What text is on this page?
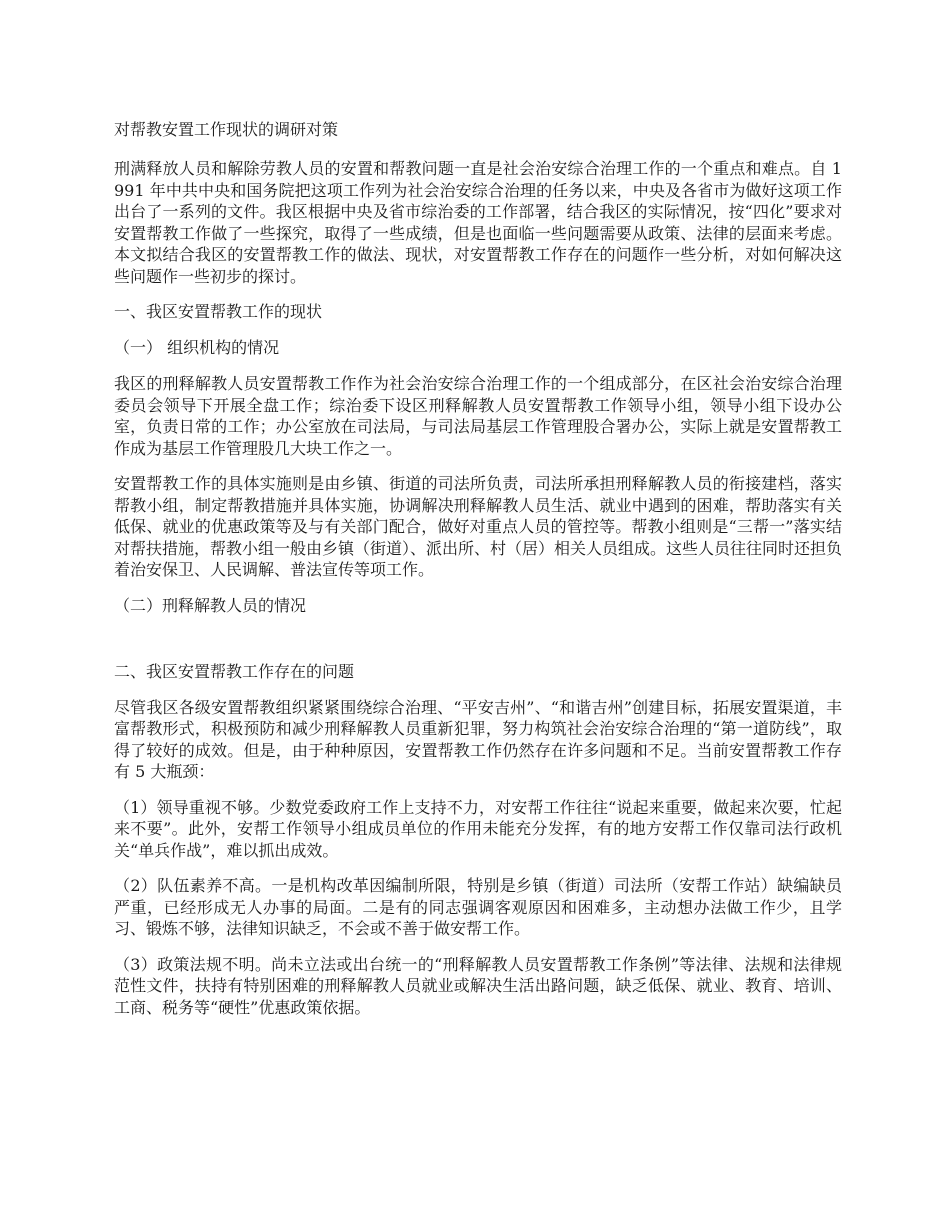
对帮教安置工作现状的调研对策

刑满释放人员和解除劳教人员的安置和帮教问题一直是社会治安综合治理工作的一个重点和难点。自 1991 年中共中央和国务院把这项工作列为社会治安综合治理的任务以来，中央及各省市为做好这项工作出台了一系列的文件。我区根据中央及省市综治委的工作部署，结合我区的实际情况，按“四化”要求对安置帮教工作做了一些探究，取得了一些成绩，但是也面临一些问题需要从政策、法律的层面来考虑。本文拟结合我区的安置帮教工作的做法、现状，对安置帮教工作存在的问题作一些分析，对如何解决这些问题作一些初步的探讨。

一、我区安置帮教工作的现状
（一） 组织机构的情况

我区的刑释解教人员安置帮教工作作为社会治安综合治理工作的一个组成部分，在区社会治安综合治理委员会领导下开展全盘工作；综治委下设区刑释解教人员安置帮教工作领导小组，领导小组下设办公室，负责日常的工作；办公室放在司法局，与司法局基层工作管理股合署办公，实际上就是安置帮教工作成为基层工作管理股几大块工作之一。

安置帮教工作的具体实施则是由乡镇、街道的司法所负责，司法所承担刑释解教人员的衔接建档，落实帮教小组，制定帮教措施并具体实施，协调解决刑释解教人员生活、就业中遇到的困难，帮助落实有关低保、就业的优惠政策等及与有关部门配合，做好对重点人员的管控等。帮教小组则是“三帮一”落实结对帮扶措施，帮教小组一般由乡镇（街道）、派出所、村（居）相关人员组成。这些人员往往同时还担负着治安保卫、人民调解、普法宣传等项工作。

（二）刑释解教人员的情况
二、我区安置帮教工作存在的问题

尽管我区各级安置帮教组织紧紧围绕综合治理、“平安吉州”、“和谐吉州”创建目标，拓展安置渠道，丰富帮教形式，积极预防和减少刑释解教人员重新犯罪，努力构筑社会治安综合治理的“第一道防线”，取得了较好的成效。但是，由于种种原因，安置帮教工作仍然存在许多问题和不足。当前安置帮教工作存有 5 大瓶颈：

（1）领导重视不够。少数党委政府工作上支持不力，对安帮工作往往“说起来重要，做起来次要，忙起来不要”。此外，安帮工作领导小组成员单位的作用未能充分发挥，有的地方安帮工作仅靠司法行政机关“单兵作战”，难以抓出成效。

（2）队伍素养不高。一是机构改革因编制所限，特别是乡镇（街道）司法所（安帮工作站）缺编缺员严重，已经形成无人办事的局面。二是有的同志强调客观原因和困难多，主动想办法做工作少，且学习、锻炼不够，法律知识缺乏，不会或不善于做安帮工作。

（3）政策法规不明。尚未立法或出台统一的“刑释解教人员安置帮教工作条例”等法律、法规和法律规范性文件，扶持有特别困难的刑释解教人员就业或解决生活出路问题，缺乏低保、就业、教育、培训、工商、税务等“硬性”优惠政策依据。
